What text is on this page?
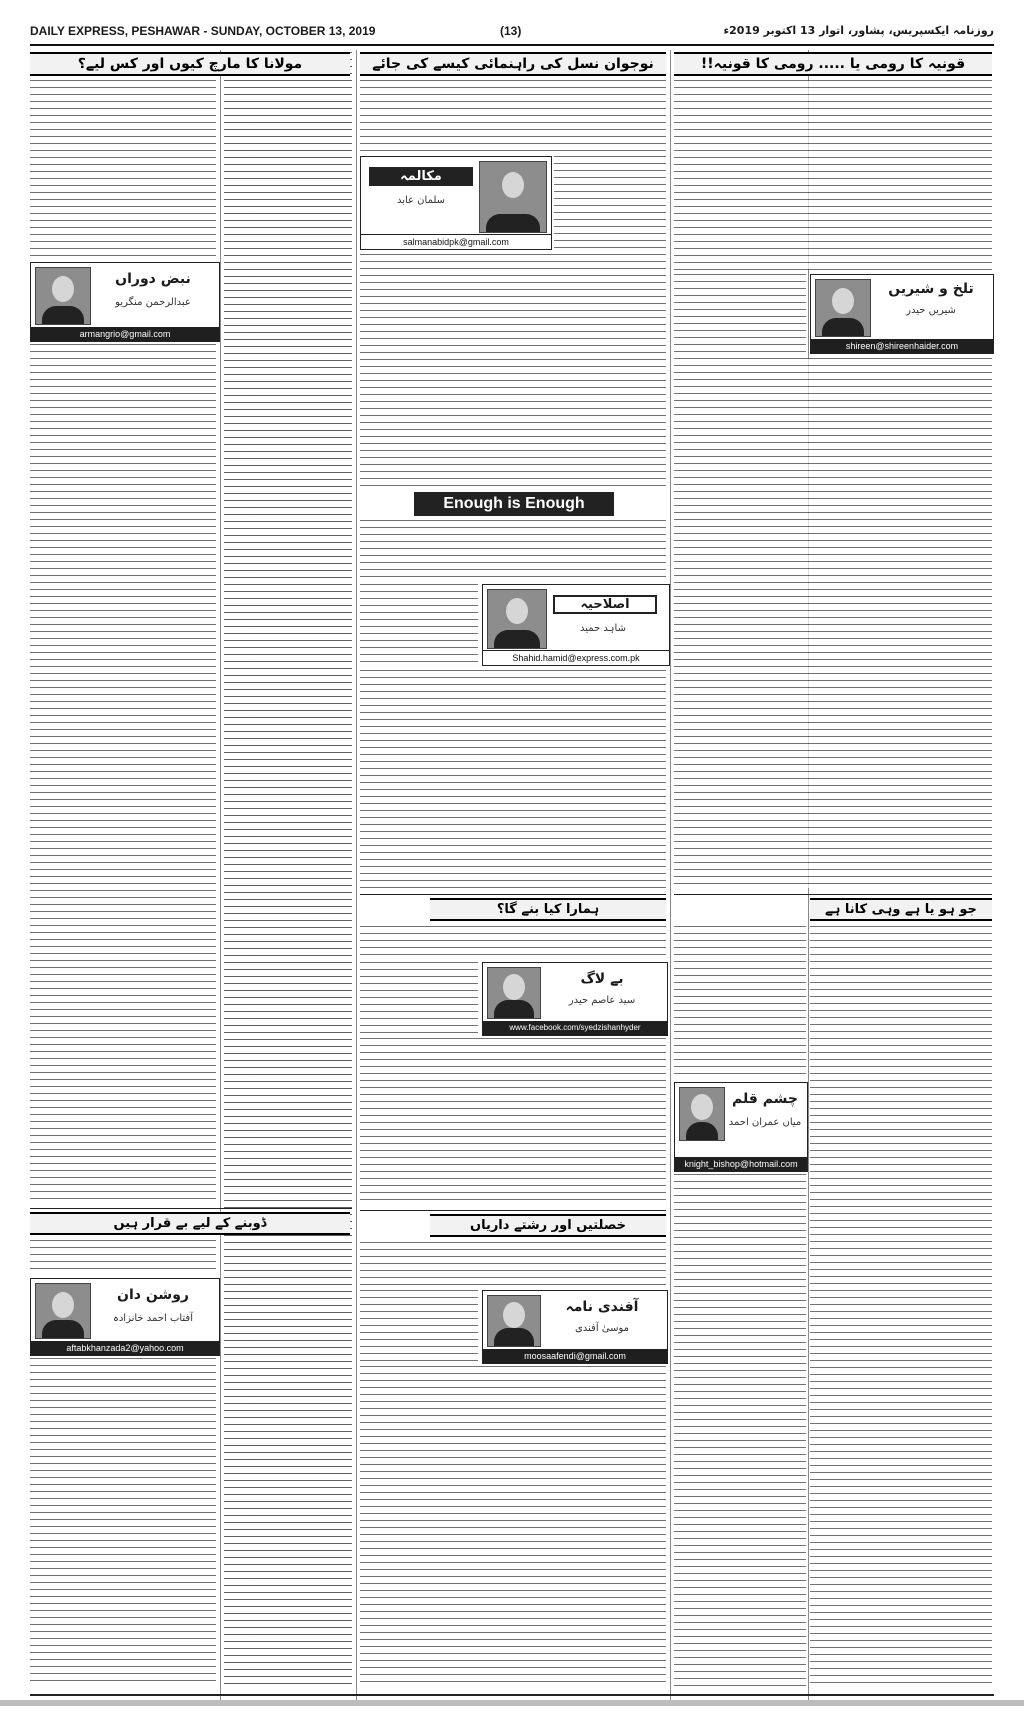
DAILY EXPRESS, PESHAWAR - SUNDAY, OCTOBER 13, 2019	(13)	روزنامہ ایکسپریس، پشاور، اتوار 13 اکتوبر 2019ء
قونیہ کا رومی یا ..... رومی کا قونیہ!!
تلخ و شیریں
شیریں حیدر
shireen@shireenhaider.com
جو ہو یا ہے وہی کانا ہے
چشم قلم
میاں عمران احمد
knight_bishop@hotmail.com
نوجوان نسل کی راہنمائی کیسے کی جائے
مکالمہ
سلمان عابد
salmanabidpk@gmail.com
Enough is Enough
اصلاحیہ
شاہد حمید
Shahid.hamid@express.com.pk
ہمارا کیا بنے گا؟
بے لاگ
سید عاصم حیدر
www.facebook.com/syedzishanhyder
خصلتیں اور رشتے داریاں
آفندی نامہ
موسیٰ آفندی
moosaafendi@gmail.com
مولانا کا مارچ کیوں اور کس لیے؟
نبض دوراں
عبدالرحمن منگریو
armangrio@gmail.com
ڈوبنے کے لیے بے قرار ہیں
روشن دان
آفتاب احمد خانزادہ
aftabkhanzada2@yahoo.com
